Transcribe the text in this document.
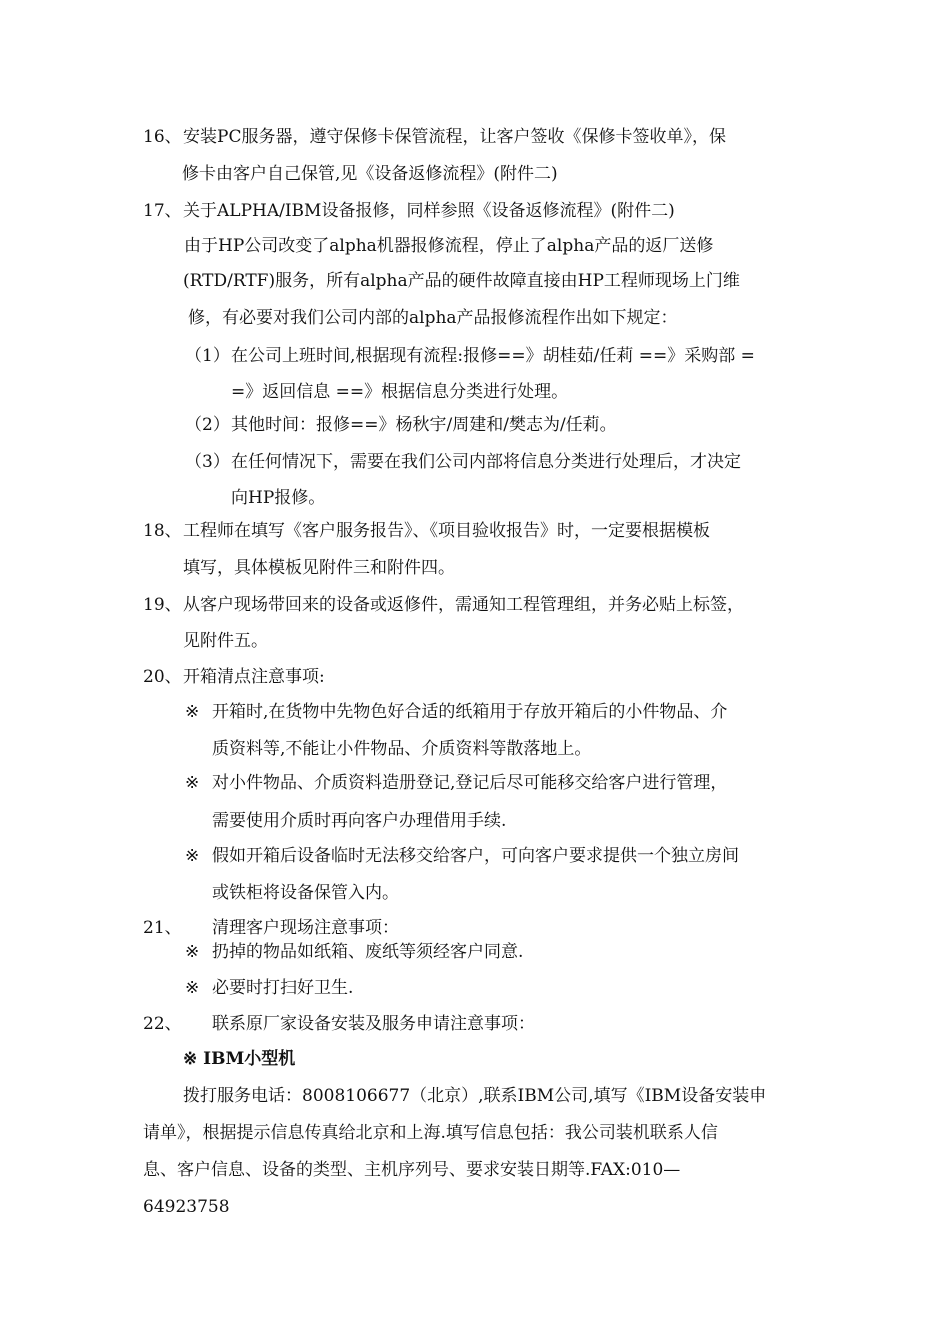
16、 安装PC服务器，遵守保修卡保管流程，让客户签收《保修卡签收单》，保
修卡由客户自己保管,见《设备返修流程》(附件二)
17、 关于ALPHA/IBM设备报修，同样参照《设备返修流程》(附件二)
由于HP公司改变了alpha机器报修流程，停止了alpha产品的返厂送修
(RTD/RTF)服务，所有alpha产品的硬件故障直接由HP工程师现场上门维
修，有必要对我们公司内部的alpha产品报修流程作出如下规定：
（1） 在公司上班时间,根据现有流程:报修==》胡桂茹/任莉 ==》采购部 =
=》返回信息 ==》根据信息分类进行处理。
（2） 其他时间：报修==》杨秋宇/周建和/樊志为/任莉。
（3） 在任何情况下，需要在我们公司内部将信息分类进行处理后，才决定
向HP报修。
18、 工程师在填写《客户服务报告》、《项目验收报告》时，一定要根据模板
填写，具体模板见附件三和附件四。
19、 从客户现场带回来的设备或返修件，需通知工程管理组，并务必贴上标签，
见附件五。
20、 开箱清点注意事项:
※ 开箱时,在货物中先物色好合适的纸箱用于存放开箱后的小件物品、介
质资料等,不能让小件物品、介质资料等散落地上。
※ 对小件物品、介质资料造册登记,登记后尽可能移交给客户进行管理，
需要使用介质时再向客户办理借用手续.
※ 假如开箱后设备临时无法移交给客户，可向客户要求提供一个独立房间
或铁柜将设备保管入内。
21、 清理客户现场注意事项：
※ 扔掉的物品如纸箱、废纸等须经客户同意.
※ 必要时打扫好卫生.
22、 联系原厂家设备安装及服务申请注意事项：
※ IBM小型机
拨打服务电话：8008106677（北京）,联系IBM公司,填写《IBM设备安装申
请单》，根据提示信息传真给北京和上海.填写信息包括：我公司装机联系人信
息、客户信息、设备的类型、主机序列号、要求安装日期等.FAX:010—
64923758
